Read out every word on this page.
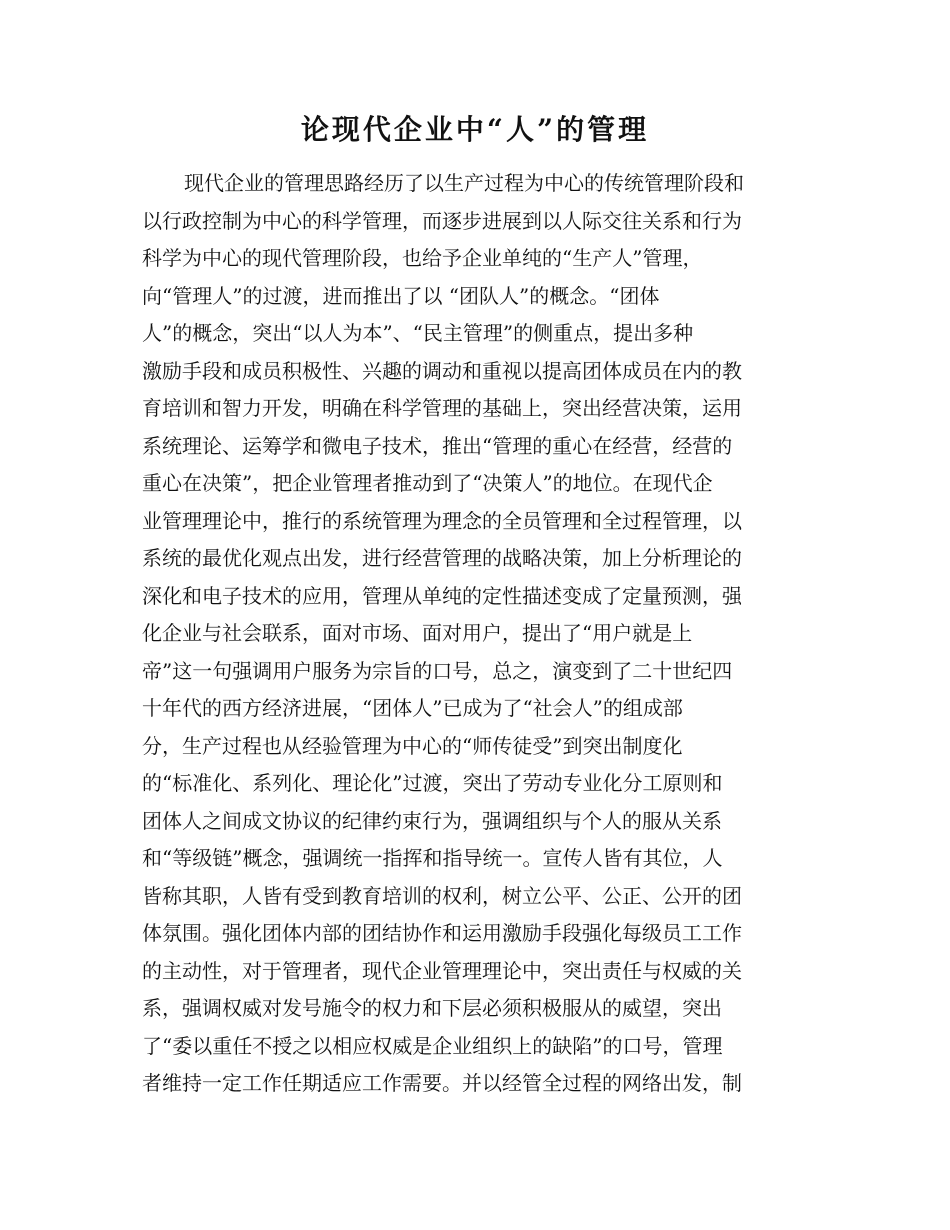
论现代企业中“人”的管理
现代企业的管理思路经历了以生产过程为中心的传统管理阶段和
以行政控制为中心的科学管理，而逐步进展到以人际交往关系和行为
科学为中心的现代管理阶段，也给予企业单纯的“生产人”管理，
向“管理人”的过渡，进而推出了以 “团队人”的概念。“团体
人”的概念，突出“以人为本”、“民主管理”的侧重点，提出多种
激励手段和成员积极性、兴趣的调动和重视以提高团体成员在内的教
育培训和智力开发，明确在科学管理的基础上，突出经营决策，运用
系统理论、运筹学和微电子技术，推出“管理的重心在经营，经营的
重心在决策”，把企业管理者推动到了“决策人”的地位。在现代企
业管理理论中，推行的系统管理为理念的全员管理和全过程管理，以
系统的最优化观点出发，进行经营管理的战略决策，加上分析理论的
深化和电子技术的应用，管理从单纯的定性描述变成了定量预测，强
化企业与社会联系，面对市场、面对用户，提出了“用户就是上
帝”这一句强调用户服务为宗旨的口号，总之，演变到了二十世纪四
十年代的西方经济进展，“团体人”已成为了“社会人”的组成部
分，生产过程也从经验管理为中心的“师传徒受”到突出制度化
的“标准化、系列化、理论化”过渡，突出了劳动专业化分工原则和
团体人之间成文协议的纪律约束行为，强调组织与个人的服从关系
和“等级链”概念，强调统一指挥和指导统一。宣传人皆有其位，人
皆称其职，人皆有受到教育培训的权利，树立公平、公正、公开的团
体氛围。强化团体内部的团结协作和运用激励手段强化每级员工工作
的主动性，对于管理者，现代企业管理理论中，突出责任与权威的关
系，强调权威对发号施令的权力和下层必须积极服从的威望，突出
了“委以重任不授之以相应权威是企业组织上的缺陷”的口号，管理
者维持一定工作任期适应工作需要。并以经管全过程的网络出发，制
